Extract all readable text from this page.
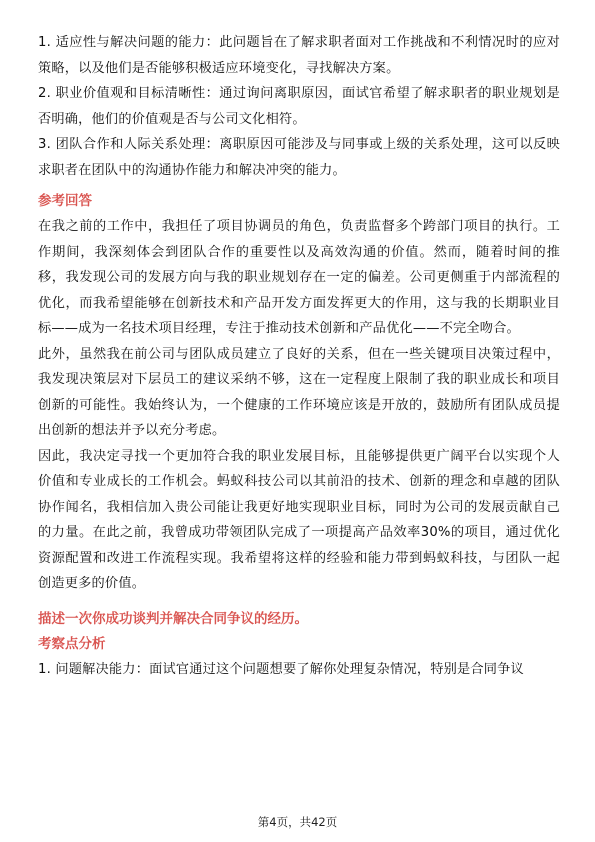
1. 适应性与解决问题的能力：此问题旨在了解求职者面对工作挑战和不利情况时的应对策略，以及他们是否能够积极适应环境变化，寻找解决方案。

2. 职业价值观和目标清晰性：通过询问离职原因，面试官希望了解求职者的职业规划是否明确，他们的价值观是否与公司文化相符。

3. 团队合作和人际关系处理：离职原因可能涉及与同事或上级的关系处理，这可以反映求职者在团队中的沟通协作能力和解决冲突的能力。

参考回答

在我之前的工作中，我担任了项目协调员的角色，负责监督多个跨部门项目的执行。工作期间，我深刻体会到团队合作的重要性以及高效沟通的价值。然而，随着时间的推移，我发现公司的发展方向与我的职业规划存在一定的偏差。公司更侧重于内部流程的优化，而我希望能够在创新技术和产品开发方面发挥更大的作用，这与我的长期职业目标——成为一名技术项目经理，专注于推动技术创新和产品优化——不完全吻合。

此外，虽然我在前公司与团队成员建立了良好的关系，但在一些关键项目决策过程中，我发现决策层对下层员工的建议采纳不够，这在一定程度上限制了我的职业成长和项目创新的可能性。我始终认为，一个健康的工作环境应该是开放的，鼓励所有团队成员提出创新的想法并予以充分考虑。

因此，我决定寻找一个更加符合我的职业发展目标，且能够提供更广阔平台以实现个人价值和专业成长的工作机会。蚂蚁科技公司以其前沿的技术、创新的理念和卓越的团队协作闻名，我相信加入贵公司能让我更好地实现职业目标，同时为公司的发展贡献自己的力量。在此之前，我曾成功带领团队完成了一项提高产品效率30%的项目，通过优化资源配置和改进工作流程实现。我希望将这样的经验和能力带到蚂蚁科技，与团队一起创造更多的价值。

描述一次你成功谈判并解决合同争议的经历。

考察点分析

1. 问题解决能力：面试官通过这个问题想要了解你处理复杂情况，特别是合同争议

第4页，共42页
